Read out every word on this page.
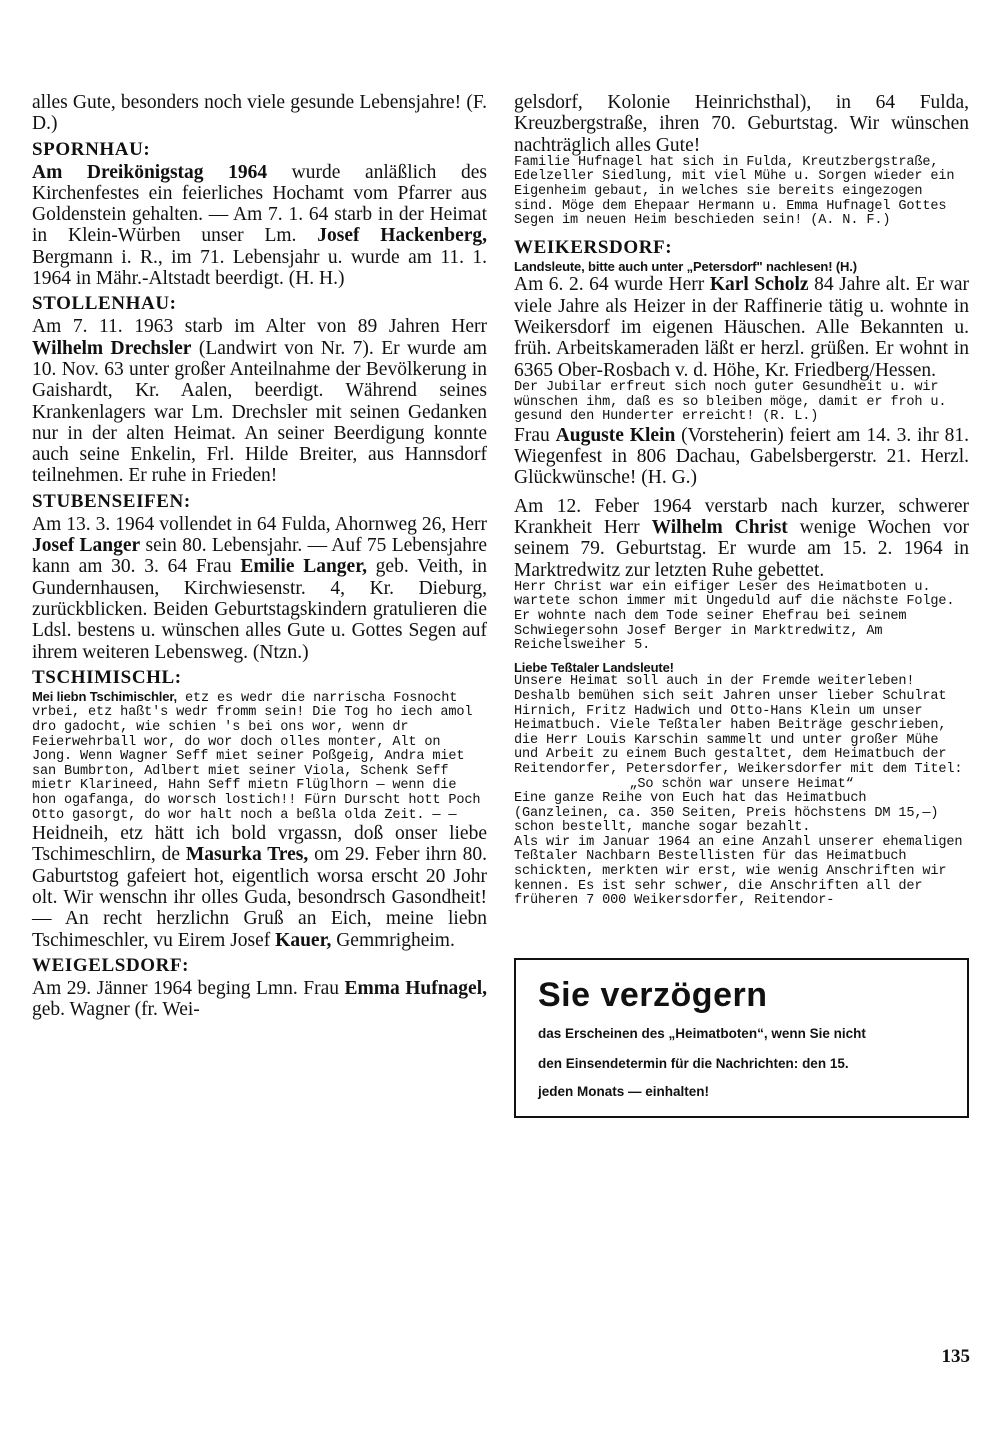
alles Gute, besonders noch viele gesunde Lebensjahre! (F. D.)

SPORNHAU:

Am Dreikönigstag 1964 wurde anläßlich des Kirchenfestes ein feierliches Hochamt vom Pfarrer aus Goldenstein gehalten. — Am 7. 1. 64 starb in der Heimat in Klein-Würben unser Lm. Josef Hackenberg, Bergmann i. R., im 71. Lebensjahr u. wurde am 11. 1. 1964 in Mähr.-Altstadt beerdigt. (H. H.)

STOLLENHAU:

Am 7. 11. 1963 starb im Alter von 89 Jahren Herr Wilhelm Drechsler (Landwirt von Nr. 7). Er wurde am 10. Nov. 63 unter großer Anteilnahme der Bevölkerung in Gaishardt, Kr. Aalen, beerdigt. Während seines Krankenlagers war Lm. Drechsler mit seinen Gedanken nur in der alten Heimat. An seiner Beerdigung konnte auch seine Enkelin, Frl. Hilde Breiter, aus Hannsdorf teilnehmen. Er ruhe in Frieden!

STUBENSEIFEN:

Am 13. 3. 1964 vollendet in 64 Fulda, Ahornweg 26, Herr Josef Langer sein 80. Lebensjahr. — Auf 75 Lebensjahre kann am 30. 3. 64 Frau Emilie Langer, geb. Veith, in Gundernhausen, Kirchwiesenstr. 4, Kr. Dieburg, zurückblicken. Beiden Geburtstagskindern gratulieren die Ldsl. bestens u. wünschen alles Gute u. Gottes Segen auf ihrem weiteren Lebensweg. (Ntzn.)

TSCHIMISCHL:

Mei liebn Tschimischler, etz es wedr die narrischa Fosnocht vrbei, etz haßt's wedr fromm sein! Die Tog ho iech amol dro gadocht, wie schien 's bei ons wor, wenn dr Feierwehrball wor, do wor doch olles monter, Alt on Jong. Wenn Wagner Seff miet seiner Poßgeig, Andra miet san Bumbrton, Adlbert miet seiner Viola, Schenk Seff mietr Klarineed, Hahn Seff mietn Flüglhorn — wenn die hon ogafanga, do worsch lostich!! Fürn Durscht hott Poch Otto gasorgt, do wor halt noch a beßla olda Zeit. — —

Heidneih, etz hätt ich bold vrgassn, doß onser liebe Tschimeschlirn, de Masurka Tres, om 29. Feber ihrn 80. Gaburtstog gafeiert hot, eigentlich worsa erscht 20 Johr olt. Wir wenschn ihr olles Guda, besondrsch Gasondheit! — An recht herzlichn Gruß an Eich, meine liebn Tschimeschler, vu Eirem Josef Kauer, Gemmrigheim.

WEIGELSDORF:

Am 29. Jänner 1964 beging Lmn. Frau Emma Hufnagel, geb. Wagner (fr. Wei-

gelsdorf, Kolonie Heinrichsthal), in 64 Fulda, Kreuzbergstraße, ihren 70. Geburtstag. Wir wünschen nachträglich alles Gute!

Familie Hufnagel hat sich in Fulda, Kreutzbergstraße, Edelzeller Siedlung, mit viel Mühe u. Sorgen wieder ein Eigenheim gebaut, in welches sie bereits eingezogen sind. Möge dem Ehepaar Hermann u. Emma Hufnagel Gottes Segen im neuen Heim beschieden sein! (A. N. F.)

WEIKERSDORF:

Landsleute, bitte auch unter „Petersdorf" nachlesen! (H.)

Am 6. 2. 64 wurde Herr Karl Scholz 84 Jahre alt. Er war viele Jahre als Heizer in der Raffinerie tätig u. wohnte in Weikersdorf im eigenen Häuschen. Alle Bekannten u. früh. Arbeitskameraden läßt er herzl. grüßen. Er wohnt in 6365 Ober-Rosbach v. d. Höhe, Kr. Friedberg/Hessen.

Der Jubilar erfreut sich noch guter Gesundheit u. wir wünschen ihm, daß es so bleiben möge, damit er froh u. gesund den Hunderter erreicht! (R. L.)

Frau Auguste Klein (Vorsteherin) feiert am 14. 3. ihr 81. Wiegenfest in 806 Dachau, Gabelsbergerstr. 21. Herzl. Glückwünsche! (H. G.)

Am 12. Feber 1964 verstarb nach kurzer, schwerer Krankheit Herr Wilhelm Christ wenige Wochen vor seinem 79. Geburtstag. Er wurde am 15. 2. 1964 in Marktredwitz zur letzten Ruhe gebettet.

Herr Christ war ein eifiger Leser des Heimatboten u. wartete schon immer mit Ungeduld auf die nächste Folge. Er wohnte nach dem Tode seiner Ehefrau bei seinem Schwiegersohn Josef Berger in Marktredwitz, Am Reichelsweiher 5.

Liebe Teßtaler Landsleute!

Unsere Heimat soll auch in der Fremde weiterleben! Deshalb bemühen sich seit Jahren unser lieber Schulrat Hirnich, Fritz Hadwich und Otto-Hans Klein um unser Heimatbuch. Viele Teßtaler haben Beiträge geschrieben, die Herr Louis Karschin sammelt und unter großer Mühe und Arbeit zu einem Buch gestaltet, dem Heimatbuch der Reitendorfer, Petersdorfer, Weikersdorfer mit dem Titel:

„So schön war unsere Heimat“

Eine ganze Reihe von Euch hat das Heimatbuch (Ganzleinen, ca. 350 Seiten, Preis höchstens DM 15,—) schon bestellt, manche sogar bezahlt.

Als wir im Januar 1964 an eine Anzahl unserer ehemaligen Teßtaler Nachbarn Bestellisten für das Heimatbuch schickten, merkten wir erst, wie wenig Anschriften wir kennen. Es ist sehr schwer, die Anschriften all der früheren 7 000 Weikersdorfer, Reitendor-

Sie verzögern

das Erscheinen des „Heimatboten“, wenn Sie nicht

den Einsendetermin für die Nachrichten: den 15.

jeden Monats — einhalten!

135
